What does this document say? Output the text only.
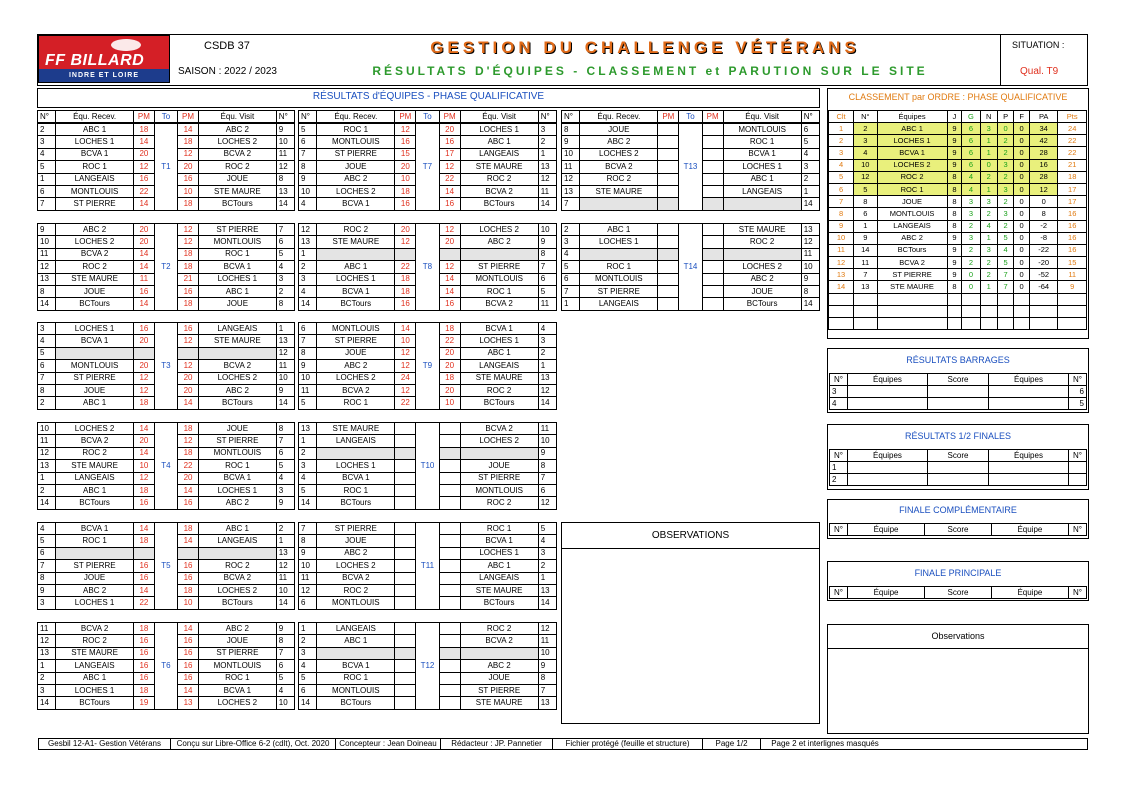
FF BILLARD
INDRE ET LOIRE
CSDB 37
SAISON : 2022 / 2023
GESTION DU CHALLENGE VÉTÉRANS
RÉSULTATS D'ÉQUIPES - CLASSEMENT et PARUTION SUR LE SITE
SITUATION :
Qual. T9
RÉSULTATS d'ÉQUIPES - PHASE QUALIFICATIVE
N°	Équ. Recev.	PM	To	PM	Équ. Visit	N°
2	ABC 1	18	T1	14	ABC 2	9
3	LOCHES 1	14		18	LOCHES 2	10
4	BCVA 1	20		12	BCVA 2	11
5	ROC 1	12		20	ROC 2	12
1	LANGEAIS	16		16	JOUE	8
6	MONTLOUIS	22		10	STE MAURE	13
7	ST PIERRE	14		18	BCTours	14
9	ABC 2	20	T2	12	ST PIERRE	7
10	LOCHES 2	20		12	MONTLOUIS	6
11	BCVA 2	14		18	ROC 1	5
12	ROC 2	14		18	BCVA 1	4
13	STE MAURE	11		21	LOCHES 1	3
8	JOUE	16		16	ABC 1	2
14	BCTours	14		18	JOUE	8
3	LOCHES 1	16	T3	16	LANGEAIS	1
4	BCVA 1	20		12	STE MAURE	13
5						12
6	MONTLOUIS	20		12	BCVA 2	11
7	ST PIERRE	12		20	LOCHES 2	10
8	JOUE	12		20	ABC 2	9
2	ABC 1	18		14	BCTours	14
10	LOCHES 2	14	T4	18	JOUE	8
11	BCVA 2	20		12	ST PIERRE	7
12	ROC 2	14		18	MONTLOUIS	6
13	STE MAURE	10		22	ROC 1	5
1	LANGEAIS	12		20	BCVA 1	4
2	ABC 1	18		14	LOCHES 1	3
14	BCTours	16		16	ABC 2	9
4	BCVA 1	14	T5	18	ABC 1	2
5	ROC 1	18		14	LANGEAIS	1
6						13
7	ST PIERRE	16		16	ROC 2	12
8	JOUE	16		16	BCVA 2	11
9	ABC 2	14		18	LOCHES 2	10
3	LOCHES 1	22		10	BCTours	14
11	BCVA 2	18	T6	14	ABC 2	9
12	ROC 2	16		16	JOUE	8
13	STE MAURE	16		16	ST PIERRE	7
1	LANGEAIS	16		16	MONTLOUIS	6
2	ABC 1	16		16	ROC 1	5
3	LOCHES 1	18		14	BCVA 1	4
14	BCTours	19		13	LOCHES 2	10
N°	Équ. Recev.	PM	To	PM	Équ. Visit	N°
5	ROC 1	12	T7	20	LOCHES 1	3
6	MONTLOUIS	16		16	ABC 1	2
7	ST PIERRE	15		17	LANGEAIS	1
8	JOUE	20		12	STE MAURE	13
9	ABC 2	10		22	ROC 2	12
10	LOCHES 2	18		14	BCVA 2	11
4	BCVA 1	16		16	BCTours	14
12	ROC 2	20	T8	12	LOCHES 2	10
13	STE MAURE	12		20	ABC 2	9
1						8
2	ABC 1	22		12	ST PIERRE	7
3	LOCHES 1	18		14	MONTLOUIS	6
4	BCVA 1	18		14	ROC 1	5
14	BCTours	16		16	BCVA 2	11
6	MONTLOUIS	14	T9	18	BCVA 1	4
7	ST PIERRE	10		22	LOCHES 1	3
8	JOUE	12		20	ABC 1	2
9	ABC 2	12		20	LANGEAIS	1
10	LOCHES 2	24		18	STE MAURE	13
11	BCVA 2	12		20	ROC 2	12
5	ROC 1	22		10	BCTours	14
13	STE MAURE		T10		BCVA 2	11
1	LANGEAIS				LOCHES 2	10
2						9
3	LOCHES 1				JOUE	8
4	BCVA 1				ST PIERRE	7
5	ROC 1				MONTLOUIS	6
14	BCTours				ROC 2	12
7	ST PIERRE		T11		ROC 1	5
8	JOUE				BCVA 1	4
9	ABC 2				LOCHES 1	3
10	LOCHES 2				ABC 1	2
11	BCVA 2				LANGEAIS	1
12	ROC 2				STE MAURE	13
6	MONTLOUIS				BCTours	14
1	LANGEAIS		T12		ROC 2	12
2	ABC 1				BCVA 2	11
3						10
4	BCVA 1				ABC 2	9
5	ROC 1				JOUE	8
6	MONTLOUIS				ST PIERRE	7
14	BCTours				STE MAURE	13
N°	Équ. Recev.	PM	To	PM	Équ. Visit	N°
8	JOUE		T13		MONTLOUIS	6
9	ABC 2				ROC 1	5
10	LOCHES 2				BCVA 1	4
11	BCVA 2				LOCHES 1	3
12	ROC 2				ABC 1	2
13	STE MAURE				LANGEAIS	1
7						14
2	ABC 1		T14		STE MAURE	13
3	LOCHES 1				ROC 2	12
4						11
5	ROC 1				LOCHES 2	10
6	MONTLOUIS				ABC 2	9
7	ST PIERRE				JOUE	8
1	LANGEAIS				BCTours	14
OBSERVATIONS
CLASSEMENT par ORDRE : PHASE QUALIFICATIVE
Clt	N°	Équipes	J	G	N	P	F	PA	Pts
1	2	ABC 1	9	6	3	0	0	34	24
2	3	LOCHES 1	9	6	1	2	0	42	22
3	4	BCVA 1	9	6	1	2	0	28	22
4	10	LOCHES 2	9	6	0	3	0	16	21
5	12	ROC 2	8	4	2	2	0	28	18
6	5	ROC 1	8	4	1	3	0	12	17
7	8	JOUE	8	3	3	2	0	0	17
8	6	MONTLOUIS	8	3	2	3	0	8	16
9	1	LANGEAIS	8	2	4	2	0	-2	16
10	9	ABC 2	9	3	1	5	0	-8	16
11	14	BCTours	9	2	3	4	0	-22	16
12	11	BCVA 2	9	2	2	5	0	-20	15
13	7	ST PIERRE	9	0	2	7	0	-52	11
14	13	STE MAURE	8	0	1	7	0	-64	9

RÉSULTATS BARRAGES
N°	Équipes	Score	Équipes	N°
3				6
4				5
RÉSULTATS 1/2 FINALES
N°	Équipes	Score	Équipes	N°
1				
2				
FINALE COMPLÉMENTAIRE
N°	Équipe	Score	Équipe	N°
FINALE PRINCIPALE
N°	Équipe	Score	Équipe	N°
Observations
Gesbil 12-A1- Gestion Vétérans	Conçu sur Libre-Office 6-2 (cdlt), Oct. 2020	Concepteur : Jean Doineau	Rédacteur : JP. Pannetier	Fichier protégé (feuille et structure)	Page 1/2	Page 2 et interlignes masqués
